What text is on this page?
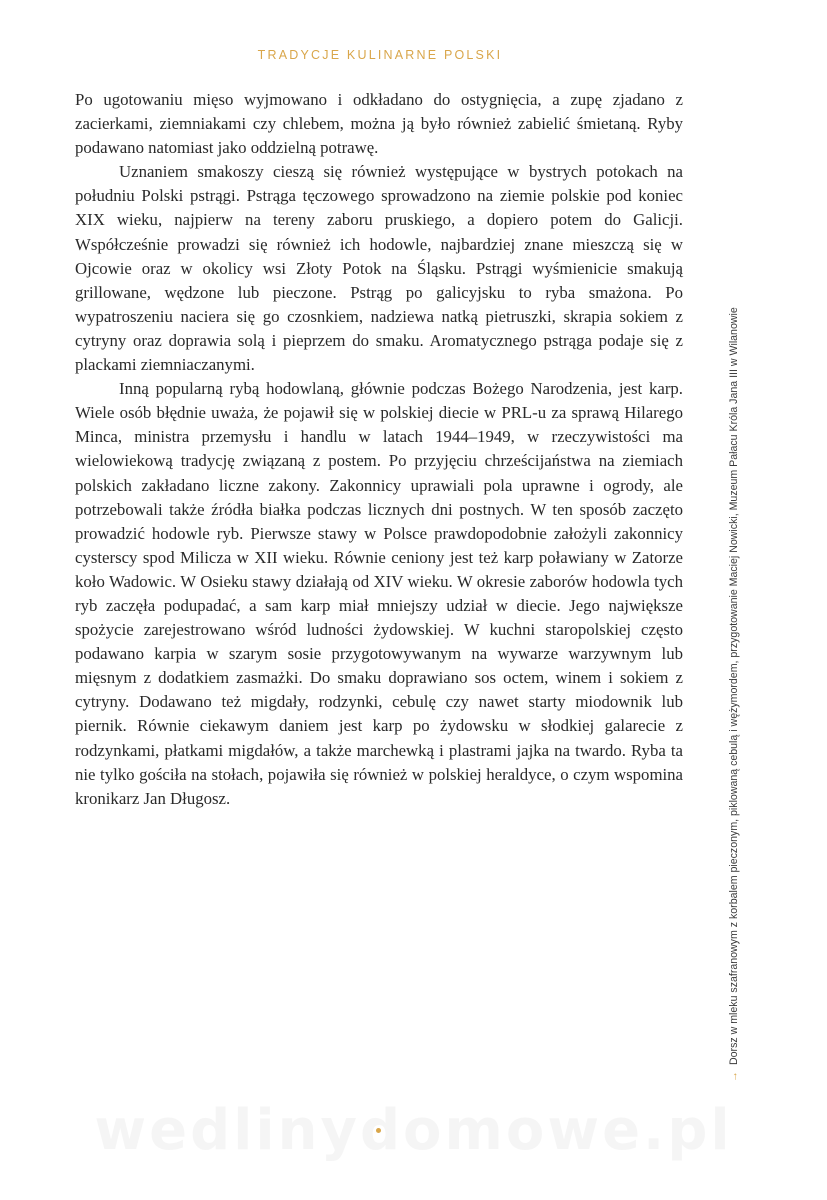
TRADYCJE KULINARNE POLSKI

Po ugotowaniu mięso wyjmowano i odkładano do ostygnięcia, a zupę zjadano z zacierkami, ziemniakami czy chlebem, można ją było również zabielić śmietaną. Ryby podawano natomiast jako oddzielną potrawę.

Uznaniem smakoszy cieszą się również występujące w bystrych potokach na południu Polski pstrągi. Pstrąga tęczowego sprowadzono na ziemie polskie pod koniec XIX wieku, najpierw na tereny zaboru pruskiego, a dopiero potem do Galicji. Współcześnie prowadzi się również ich hodowle, najbardziej znane mieszczą się w Ojcowie oraz w okolicy wsi Złoty Potok na Śląsku. Pstrągi wyśmienicie smakują grillowane, wędzone lub pieczone. Pstrąg po galicyjsku to ryba smażona. Po wypatroszeniu naciera się go czosnkiem, nadziewa natką pietruszki, skrapia sokiem z cytryny oraz doprawia solą i pieprzem do smaku. Aromatycznego pstrąga podaje się z plackami ziemniaczanymi.

Inną popularną rybą hodowlaną, głównie podczas Bożego Narodzenia, jest karp. Wiele osób błędnie uważa, że pojawił się w polskiej diecie w PRL-u za sprawą Hilarego Minca, ministra przemysłu i handlu w latach 1944–1949, w rzeczywistości ma wielowiekową tradycję związaną z postem. Po przyjęciu chrześcijaństwa na ziemiach polskich zakładano liczne zakony. Zakonnicy uprawiali pola uprawne i ogrody, ale potrzebowali także źródła białka podczas licznych dni postnych. W ten sposób zaczęto prowadzić hodowle ryb. Pierwsze stawy w Polsce prawdopodobnie założyli zakonnicy cysterscy spod Milicza w XII wieku. Równie ceniony jest też karp poławiany w Zatorze koło Wadowic. W Osieku stawy działają od XIV wieku. W okresie zaborów hodowla tych ryb zaczęła podupadać, a sam karp miał mniejszy udział w diecie. Jego największe spożycie zarejestrowano wśród ludności żydowskiej. W kuchni staropolskiej często podawano karpia w szarym sosie przygotowywanym na wywarze warzywnym lub mięsnym z dodatkiem zasmażki. Do smaku doprawiano sos octem, winem i sokiem z cytryny. Dodawano też migdały, rodzynki, cebulę czy nawet starty miodownik lub piernik. Równie ciekawym daniem jest karp po żydowsku w słodkiej galarecie z rodzynkami, płatkami migdałów, a także marchewką i plastrami jajka na twardo. Ryba ta nie tylko gościła na stołach, pojawiła się również w polskiej heraldyce, o czym wspomina kronikarz Jan Długosz.

→Dorsz w mleku szafranowym z korbalem pieczonym, piklowaną cebulą i wężymordem, przygotowanie Maciej Nowicki, Muzeum Pałacu Króla Jana III w Wilanowie
wedlinydomowe.pl
